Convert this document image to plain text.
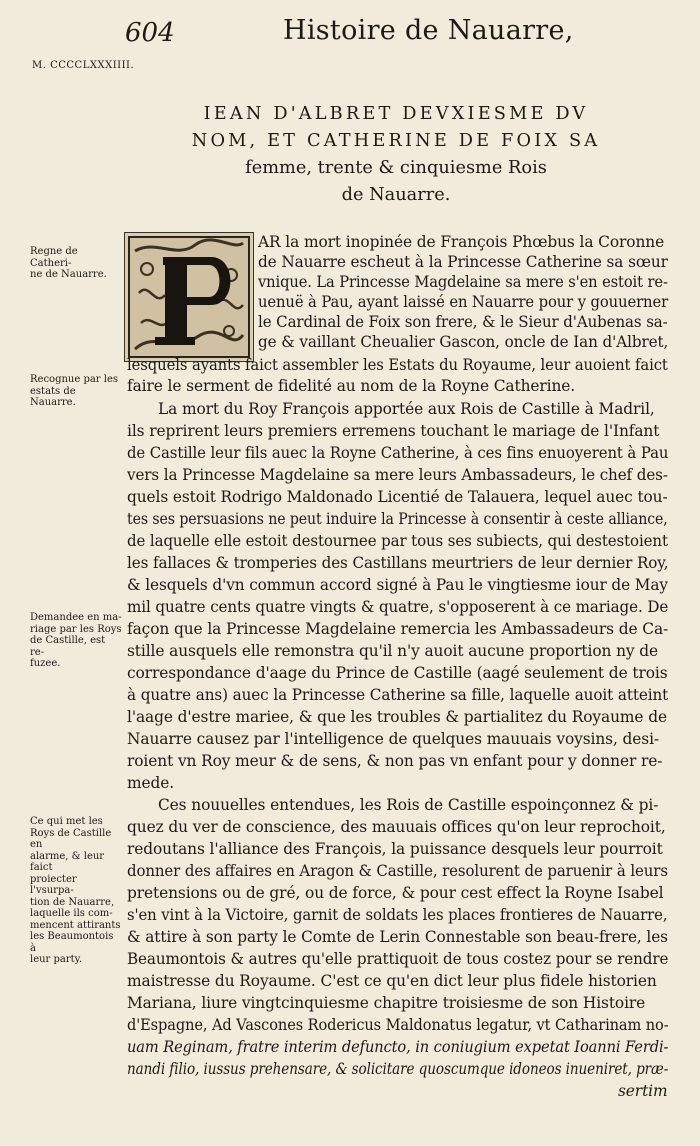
604	Histoire de Nauarre,
M. CCCCLXXXIIII.
IEAN D'ALBRET DEVXIESME DV
NOM, ET CATHERINE DE FOIX SA
femme, trente & cinquiesme Rois
de Nauarre.
Regne de Catheri-
ne de Nauarre.
Recognue par les
estats de Nauarre.
Demandee en ma-
riage par les Roys
de Castille, est re-
fuzee.
Ce qui met les
Roys de Castille en
alarme, & leur faict
proiecter l'vsurpa-
tion de Nauarre,
laquelle ils com-
mencent attirants
les Beaumontois à
leur party.
AR la mort inopinée de François Phœbus la Coronne
de Nauarre escheut à la Princesse Catherine sa sœur
vnique. La Princesse Magdelaine sa mere s'en estoit re-
uenuë à Pau, ayant laissé en Nauarre pour y gouuerner
le Cardinal de Foix son frere, & le Sieur d'Aubenas sa-
ge & vaillant Cheualier Gascon, oncle de Ian d'Albret,
lesquels ayants faict assembler les Estats du Royaume, leur auoient faict
faire le serment de fidelité au nom de la Royne Catherine.
La mort du Roy François apportée aux Rois de Castille à Madril,
ils reprirent leurs premiers erremens touchant le mariage de l'Infant
de Castille leur fils auec la Royne Catherine, à ces fins enuoyerent à Pau
vers la Princesse Magdelaine sa mere leurs Ambassadeurs, le chef des-
quels estoit Rodrigo Maldonado Licentié de Talauera, lequel auec tou-
tes ses persuasions ne peut induire la Princesse à consentir à ceste alliance,
de laquelle elle estoit destournee par tous ses subiects, qui destestoient
les fallaces & tromperies des Castillans meurtriers de leur dernier Roy,
& lesquels d'vn commun accord signé à Pau le vingtiesme iour de May
mil quatre cents quatre vingts & quatre, s'opposerent à ce mariage. De
façon que la Princesse Magdelaine remercia les Ambassadeurs de Ca-
stille ausquels elle remonstra qu'il n'y auoit aucune proportion ny de
correspondance d'aage du Prince de Castille (aagé seulement de trois
à quatre ans) auec la Princesse Catherine sa fille, laquelle auoit atteint
l'aage d'estre mariee, & que les troubles & partialitez du Royaume de
Nauarre causez par l'intelligence de quelques mauuais voysins, desi-
roient vn Roy meur & de sens, & non pas vn enfant pour y donner re-
mede.
Ces nouuelles entendues, les Rois de Castille espoinçonnez & pi-
quez du ver de conscience, des mauuais offices qu'on leur reprochoit,
redoutans l'alliance des François, la puissance desquels leur pourroit
donner des affaires en Aragon & Castille, resolurent de paruenir à leurs
pretensions ou de gré, ou de force, & pour cest effect la Royne Isabel
s'en vint à la Victoire, garnit de soldats les places frontieres de Nauarre,
& attire à son party le Comte de Lerin Connestable son beau-frere, les
Beaumontois & autres qu'elle prattiquoit de tous costez pour se rendre
maistresse du Royaume. C'est ce qu'en dict leur plus fidele historien
Mariana, liure vingtcinquiesme chapitre troisiesme de son Histoire
d'Espagne, Ad Vascones Rodericus Maldonatus legatur, vt Catharinam no-
uam Reginam, fratre interim defuncto, in coniugium expetat Ioanni Ferdi-
nandi filio, iussus prehensare, & solicitare quoscumque idoneos inueniret, præ-
sertim
